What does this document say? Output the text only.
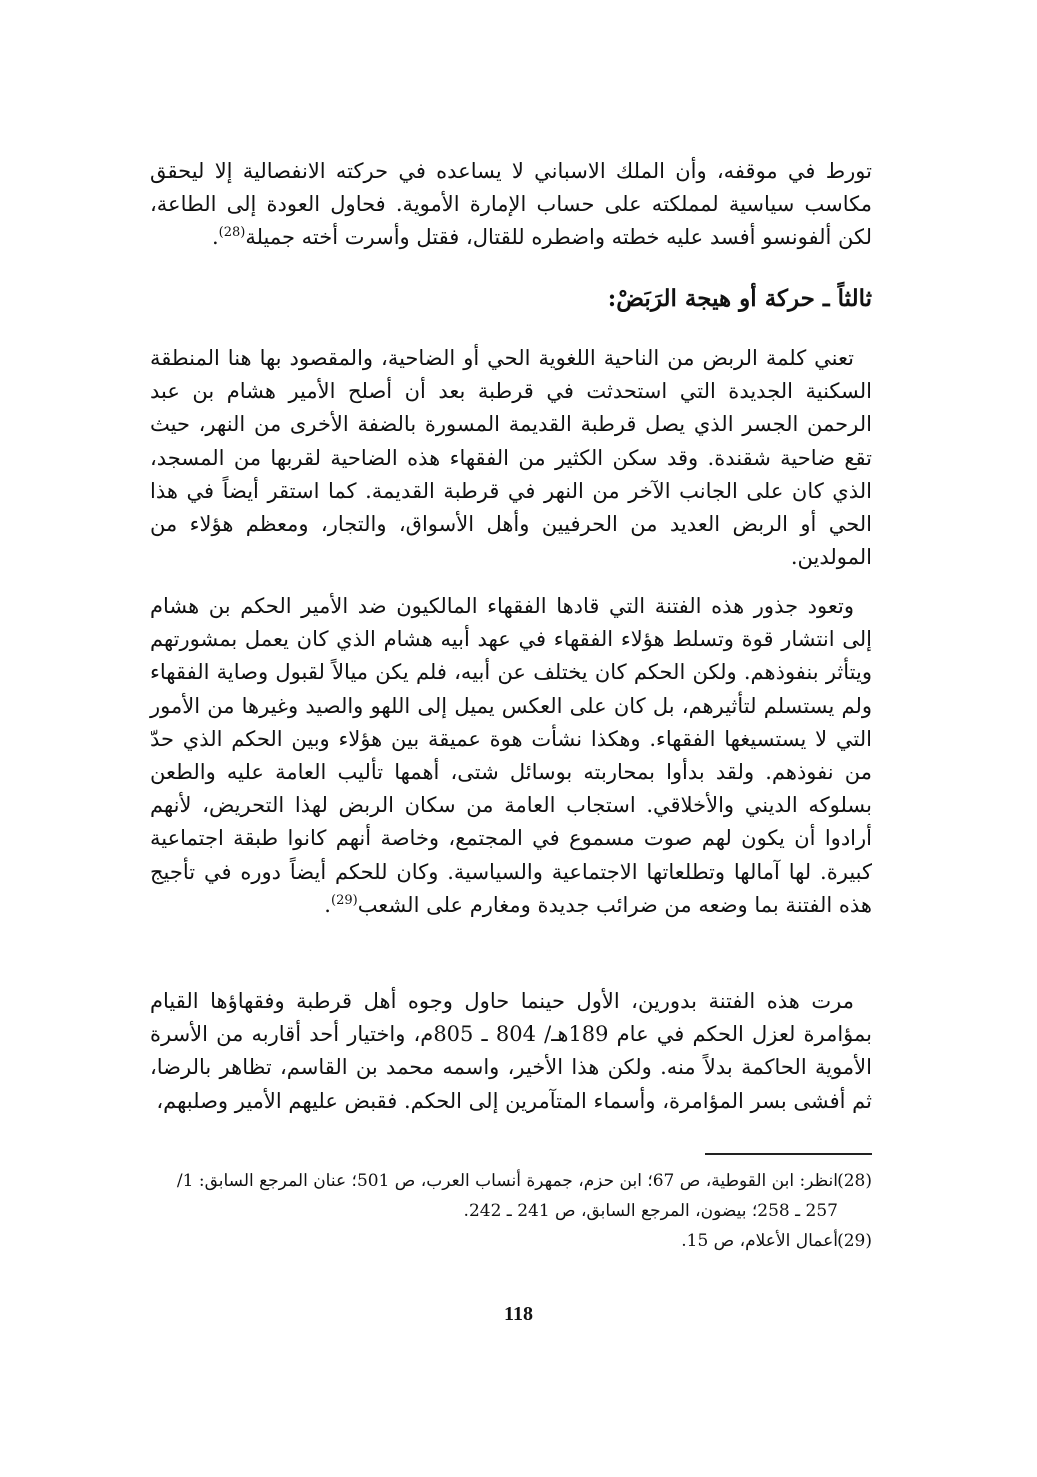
تورط في موقفه، وأن الملك الاسباني لا يساعده في حركته الانفصالية إلا ليحقق مكاسب سياسية لمملكته على حساب الإمارة الأموية. فحاول العودة إلى الطاعة، لكن ألفونسو أفسد عليه خطته واضطره للقتال، فقتل وأسرت أخته جميلة$^{(28)}$.

ثالثاً ـ حركة أو هيجة الرَبَضْ:

تعني كلمة الربض من الناحية اللغوية الحي أو الضاحية، والمقصود بها هنا المنطقة السكنية الجديدة التي استحدثت في قرطبة بعد أن أصلح الأمير هشام بن عبد الرحمن الجسر الذي يصل قرطبة القديمة المسورة بالضفة الأخرى من النهر، حيث تقع ضاحية شقندة. وقد سكن الكثير من الفقهاء هذه الضاحية لقربها من المسجد، الذي كان على الجانب الآخر من النهر في قرطبة القديمة. كما استقر أيضاً في هذا الحي أو الربض العديد من الحرفيين وأهل الأسواق، والتجار، ومعظم هؤلاء من المولدين.

وتعود جذور هذه الفتنة التي قادها الفقهاء المالكيون ضد الأمير الحكم بن هشام إلى انتشار قوة وتسلط هؤلاء الفقهاء في عهد أبيه هشام الذي كان يعمل بمشورتهم ويتأثر بنفوذهم. ولكن الحكم كان يختلف عن أبيه، فلم يكن ميالاً لقبول وصاية الفقهاء ولم يستسلم لتأثيرهم، بل كان على العكس يميل إلى اللهو والصيد وغيرها من الأمور التي لا يستسيغها الفقهاء. وهكذا نشأت هوة عميقة بين هؤلاء وبين الحكم الذي حدّ من نفوذهم. ولقد بدأوا بمحاربته بوسائل شتى، أهمها تأليب العامة عليه والطعن بسلوكه الديني والأخلاقي. استجاب العامة من سكان الربض لهذا التحريض، لأنهم أرادوا أن يكون لهم صوت مسموع في المجتمع، وخاصة أنهم كانوا طبقة اجتماعية كبيرة. لها آمالها وتطلعاتها الاجتماعية والسياسية. وكان للحكم أيضاً دوره في تأجيج هذه الفتنة بما وضعه من ضرائب جديدة ومغارم على الشعب$^{(29)}$.

مرت هذه الفتنة بدورين، الأول حينما حاول وجوه أهل قرطبة وفقهاؤها القيام بمؤامرة لعزل الحكم في عام 189هـ/ 804 ـ 805م، واختيار أحد أقاربه من الأسرة الأموية الحاكمة بدلاً منه. ولكن هذا الأخير، واسمه محمد بن القاسم، تظاهر بالرضا، ثم أفشى بسر المؤامرة، وأسماء المتآمرين إلى الحكم. فقبض عليهم الأمير وصلبهم،

(28)
انظر: ابن القوطية، ص 67؛ ابن حزم، جمهرة أنساب العرب، ص 501؛ عنان المرجع السابق: 1/ 257 ـ 258؛ بيضون، المرجع السابق، ص 241 ـ 242.

(29)
أعمال الأعلام، ص 15.

118
